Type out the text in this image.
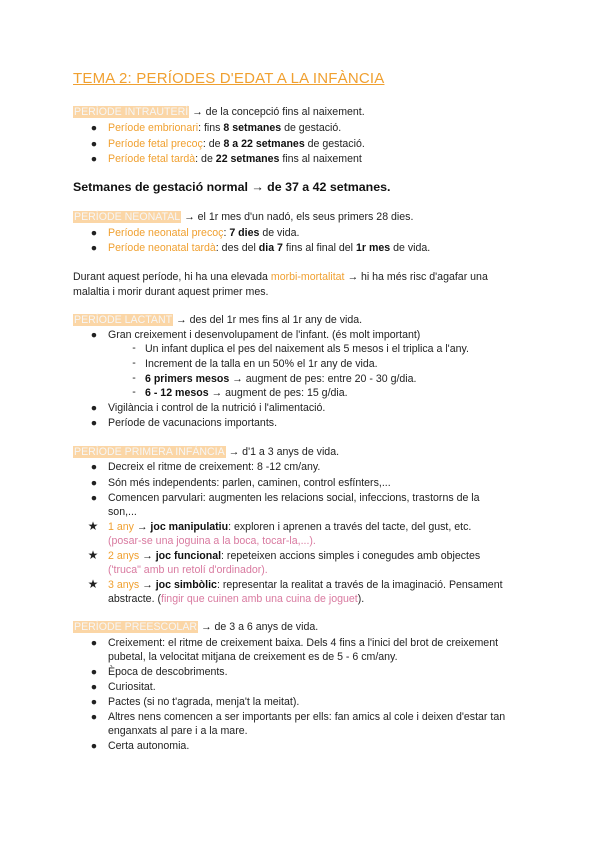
TEMA 2: PERÍODES D'EDAT A LA INFÀNCIA
PERÍODE INTRAUTERÍ → de la concepció fins al naixement.
●	Període embrionari: fins 8 setmanes de gestació.
●	Període fetal precoç: de 8 a 22 setmanes de gestació.
●	Període fetal tardà: de 22 setmanes fins al naixement
Setmanes de gestació normal → de 37 a 42 setmanes.
PERÍODE NEONATAL → el 1r mes d'un nadó, els seus primers 28 dies.
●	Període neonatal precoç: 7 dies de vida.
●	Període neonatal tardà: des del dia 7 fins al final del 1r mes de vida.
Durant aquest període, hi ha una elevada morbi-mortalitat → hi ha més risc d'agafar una
malaltia i morir durant aquest primer mes.
PERÍODE LACTANT → des del 1r mes fins al 1r any de vida.
●	Gran creixement i desenvolupament de l'infant. (és molt important)
- Un infant duplica el pes del naixement als 5 mesos i el triplica a l'any.
- Increment de la talla en un 50% el 1r any de vida.
- 6 primers mesos → augment de pes: entre 20 - 30 g/dia.
- 6 - 12 mesos → augment de pes: 15 g/dia.
●	Vigilància i control de la nutrició i l'alimentació.
●	Període de vacunacions importants.
PERÍODE PRIMERA INFÀNCIA → d'1 a 3 anys de vida.
●	Decreix el ritme de creixement: 8 -12 cm/any.
●	Són més independents: parlen, caminen, control esfínters,...
●	Comencen parvulari: augmenten les relacions social, infeccions, trastorns de la
son,...
★ 1 any → joc manipulatiu: exploren i aprenen a través del tacte, del gust, etc.
(posar-se una joguina a la boca, tocar-la,...).
★ 2 anys → joc funcional: repeteixen accions simples i conegudes amb objectes
('truca" amb un retolí d'ordinador).
★ 3 anys → joc simbòlic: representar la realitat a través de la imaginació. Pensament
abstracte. (fingir que cuinen amb una cuina de joguet).
PERÍODE PREESCOLAR → de 3 a 6 anys de vida.
●	Creixement: el ritme de creixement baixa. Dels 4 fins a l'inici del brot de creixement
pubetal, la velocitat mitjana de creixement es de 5 - 6 cm/any.
●	Època de descobriments.
●	Curiositat.
●	Pactes (si no t'agrada, menja't la meitat).
●	Altres nens comencen a ser importants per ells: fan amics al cole i deixen d'estar tan
enganxats al pare i a la mare.
●	Certa autonomia.
